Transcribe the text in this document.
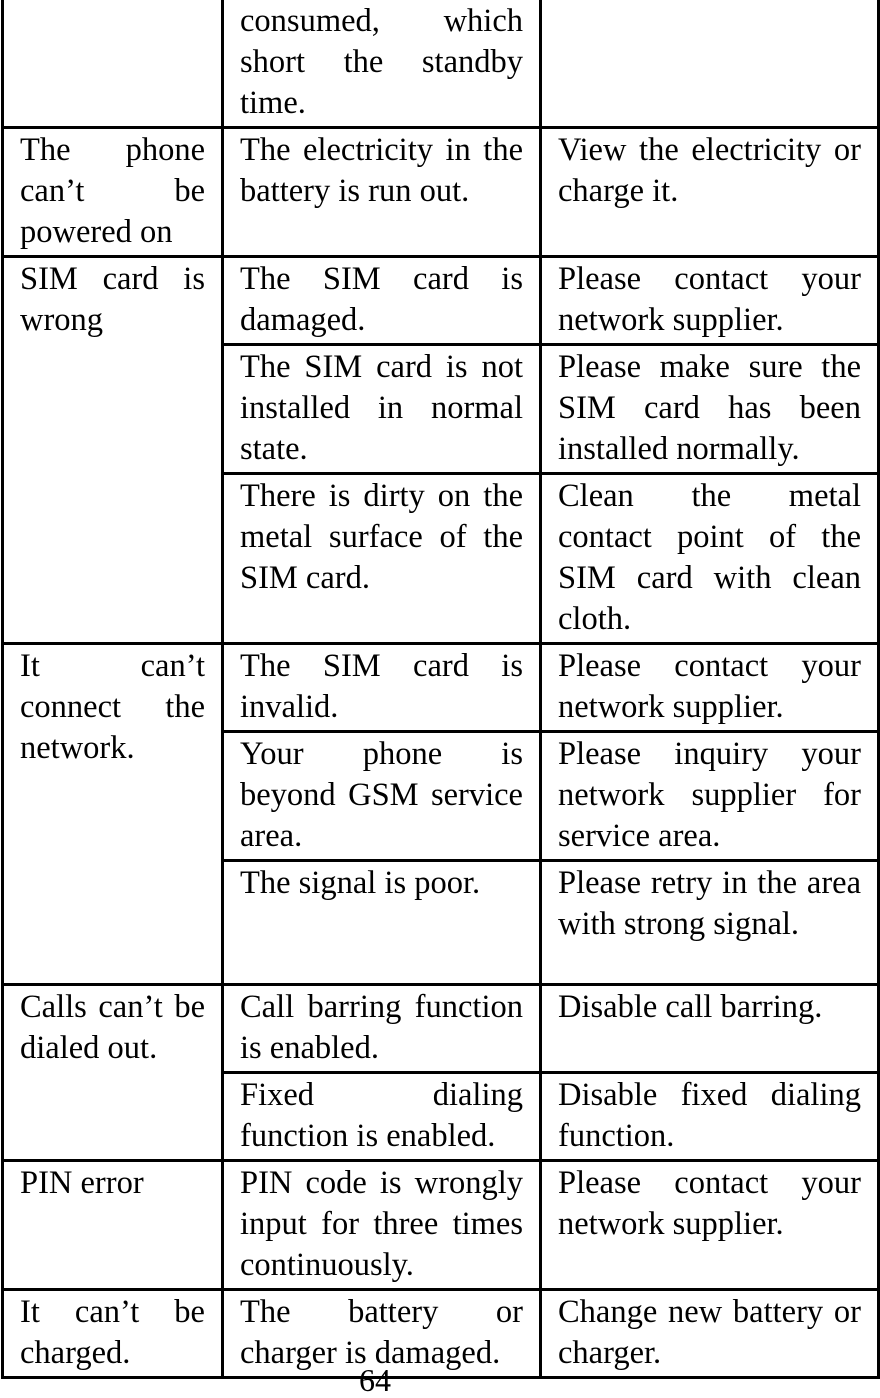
	consumed, which short the standby time.	
The phone can’t be powered on	The electricity in the battery is run out.	View the electricity or charge it.
SIM card is wrong	The SIM card is damaged.	Please contact your network supplier.
	The SIM card is not installed in normal state.	Please make sure the SIM card has been installed normally.
	There is dirty on the metal surface of the SIM card.	Clean the metal contact point of the SIM card with clean cloth.
It can’t connect the network.	The SIM card is invalid.	Please contact your network supplier.
	Your phone is beyond GSM service area.	Please inquiry your network supplier for service area.
	The signal is poor.	Please retry in the area with strong signal.
Calls can’t be dialed out.	Call barring function is enabled.	Disable call barring.
	Fixed dialing function is enabled.	Disable fixed dialing function.
PIN error	PIN code is wrongly input for three times continuously.	Please contact your network supplier.
It can’t be charged.	The battery or charger is damaged.	Change new battery or charger.
64
